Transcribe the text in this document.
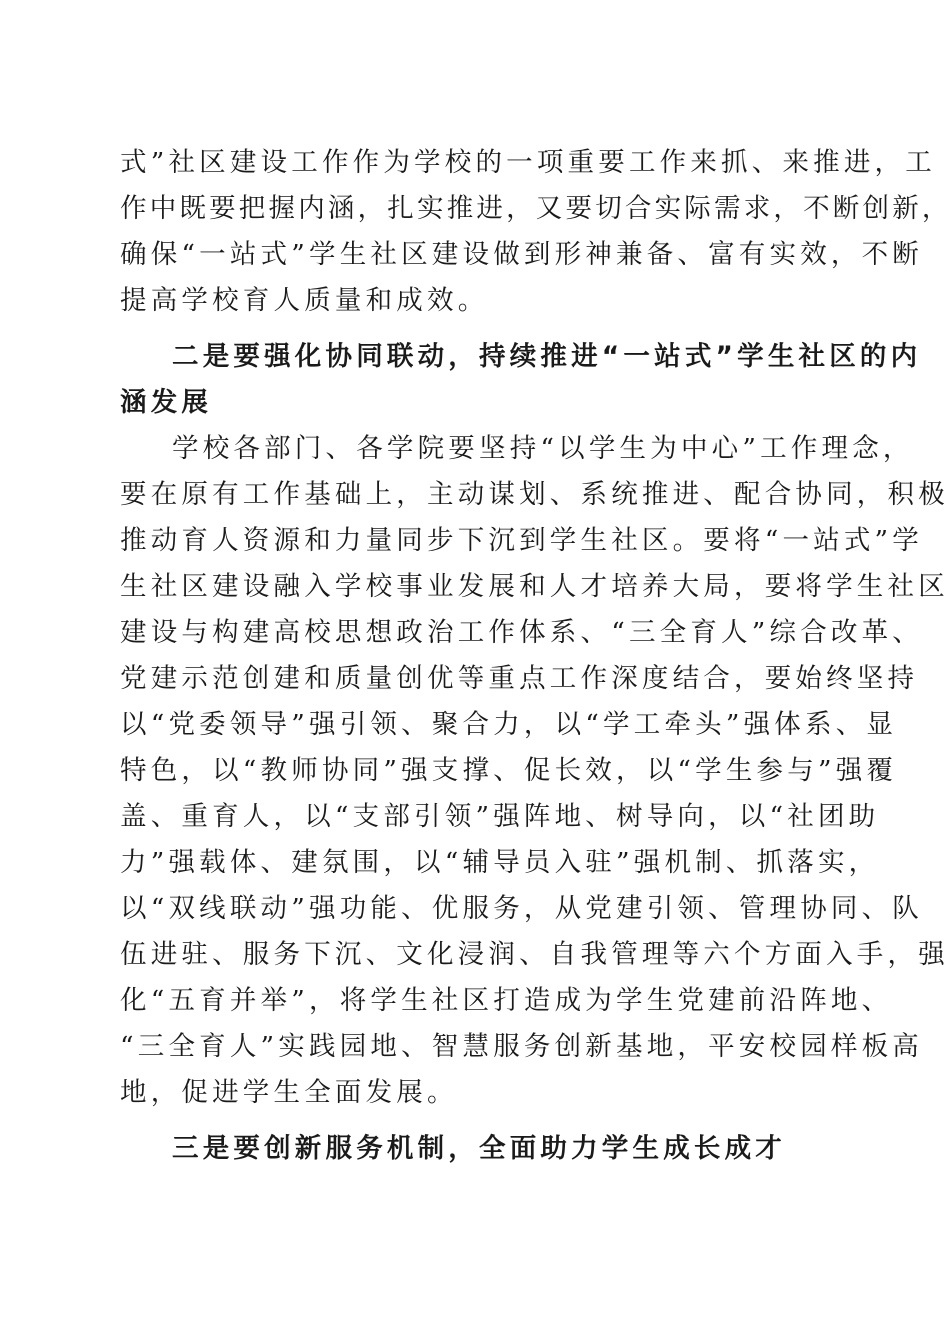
式”社区建设工作作为学校的一项重要工作来抓、来推进，工
作中既要把握内涵，扎实推进，又要切合实际需求，不断创新，
确保“一站式”学生社区建设做到形神兼备、富有实效，不断
提高学校育人质量和成效。
二是要强化协同联动，持续推进“一站式”学生社区的内
涵发展
学校各部门、各学院要坚持“以学生为中心”工作理念，
要在原有工作基础上，主动谋划、系统推进、配合协同，积极
推动育人资源和力量同步下沉到学生社区。要将“一站式”学
生社区建设融入学校事业发展和人才培养大局，要将学生社区
建设与构建高校思想政治工作体系、“三全育人”综合改革、
党建示范创建和质量创优等重点工作深度结合，要始终坚持
以“党委领导”强引领、聚合力，以“学工牵头”强体系、显
特色，以“教师协同”强支撑、促长效，以“学生参与”强覆
盖、重育人，以“支部引领”强阵地、树导向，以“社团助
力”强载体、建氛围，以“辅导员入驻”强机制、抓落实，
以“双线联动”强功能、优服务，从党建引领、管理协同、队
伍进驻、服务下沉、文化浸润、自我管理等六个方面入手，强
化“五育并举”，将学生社区打造成为学生党建前沿阵地、
“三全育人”实践园地、智慧服务创新基地，平安校园样板高
地，促进学生全面发展。
三是要创新服务机制，全面助力学生成长成才
